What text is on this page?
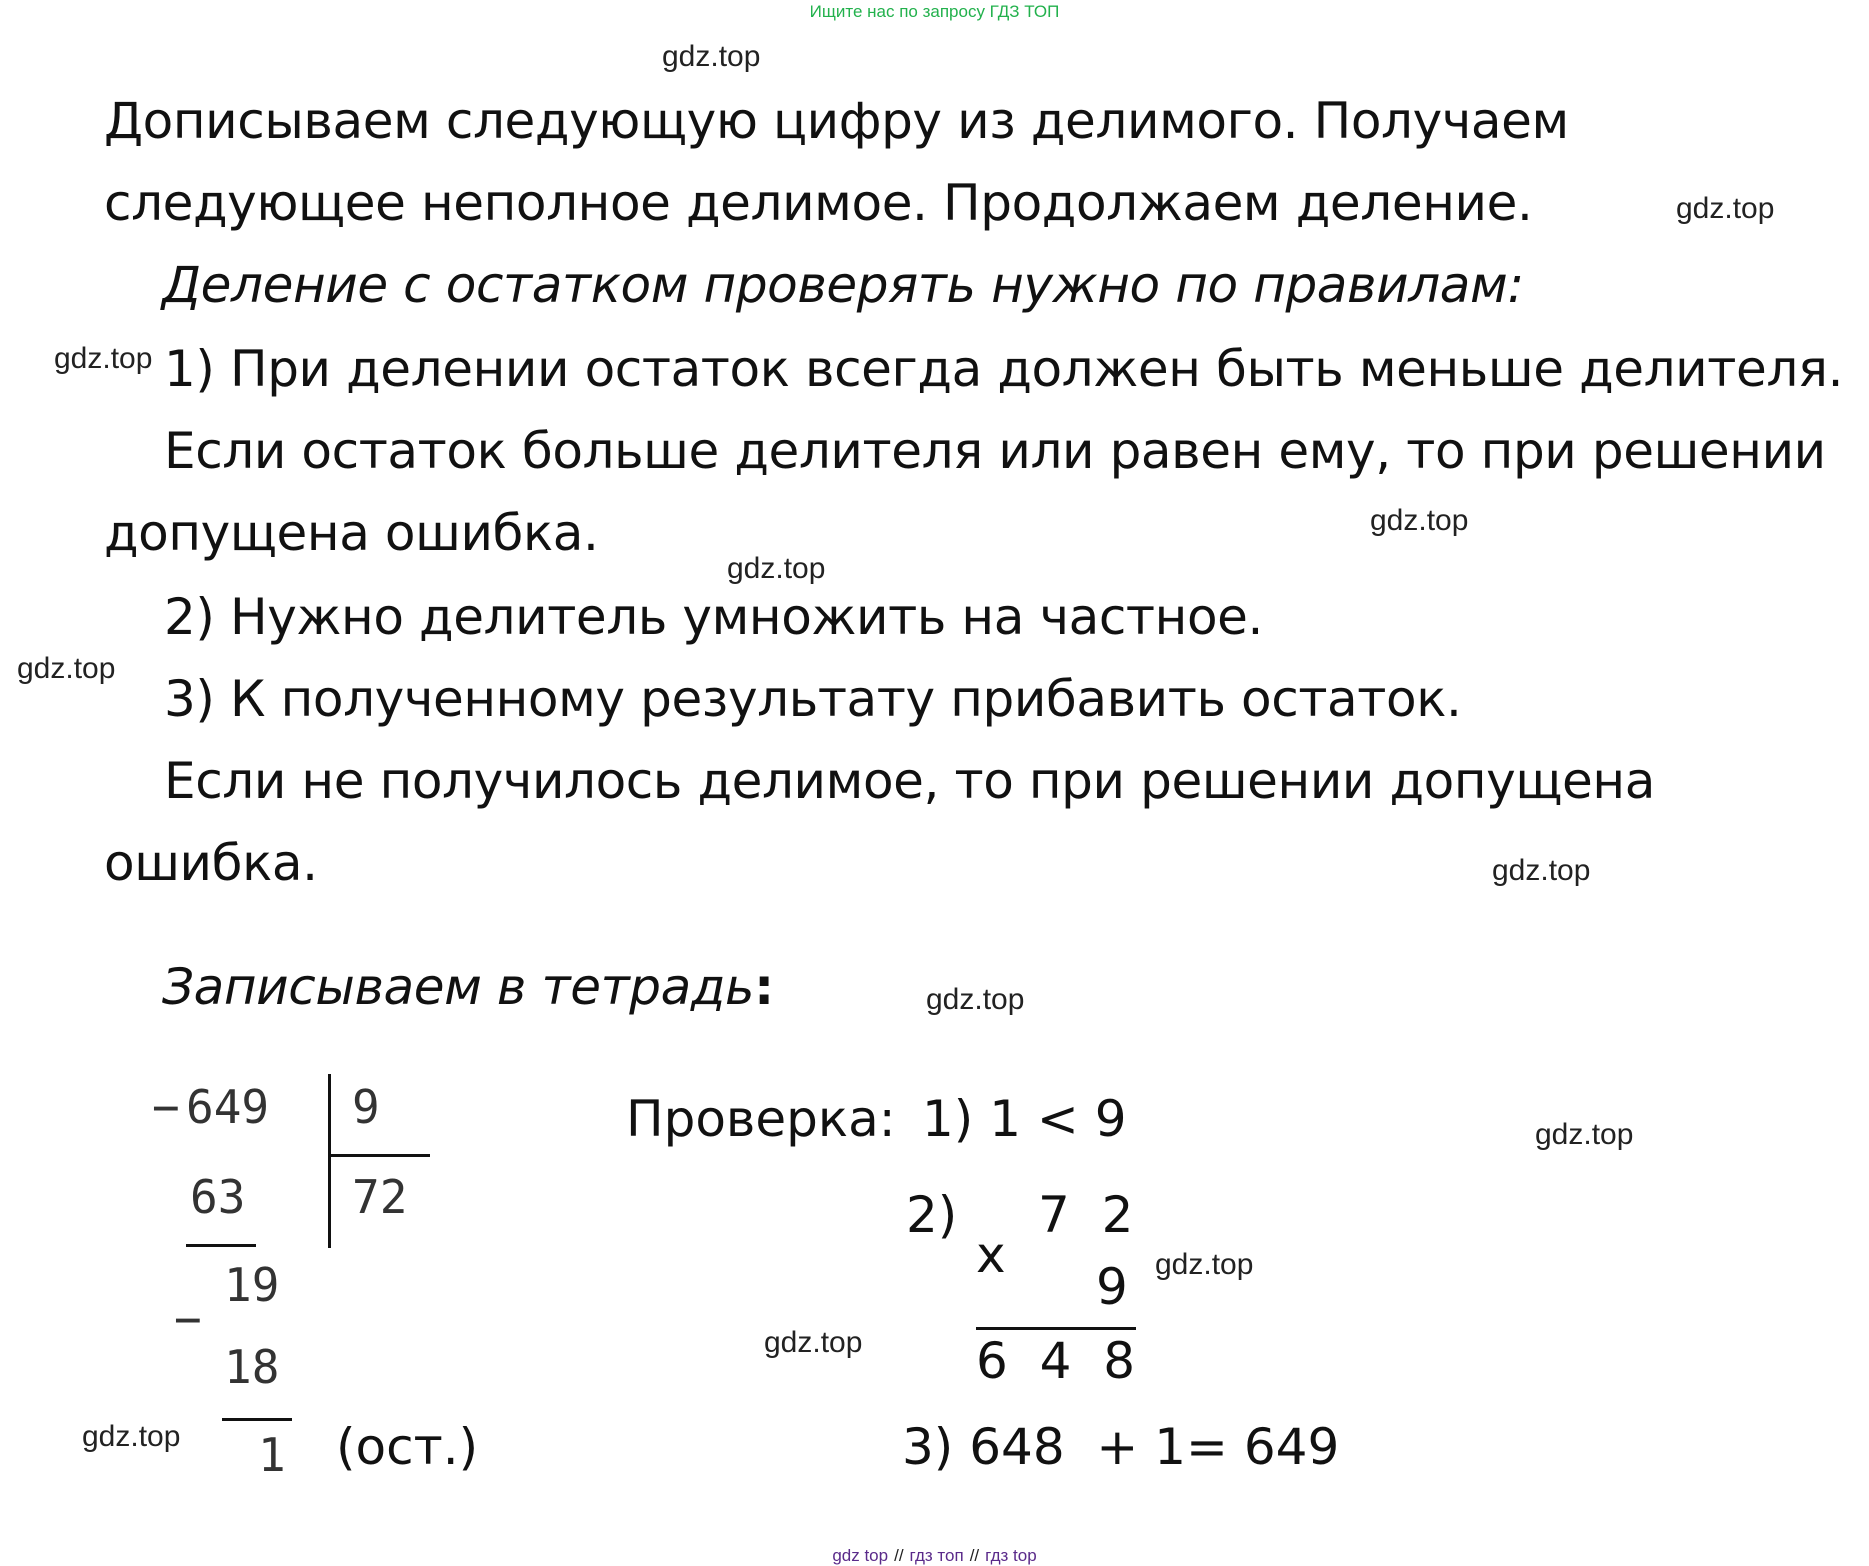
Ищите нас по запросу ГДЗ ТОП
gdz.top
gdz.top
gdz.top
gdz.top
gdz.top
gdz.top
gdz.top
gdz.top
gdz.top
gdz.top
gdz.top
gdz.top
Дописываем следующую цифру из делимого. Получаем
следующее неполное делимое. Продолжаем деление.
Деление с остатком проверять нужно по правилам:
1) При делении остаток всегда должен быть меньше делителя.
Если остаток больше делителя или равен ему, то при решении
допущена ошибка.
2) Нужно делитель умножить на частное.
3) К полученному результату прибавить остаток.
Если не получилось делимое, то при решении допущена
ошибка.
Записываем в тетрадь:
− 649 9
72
63
−
19
18
1 (ост.)
Проверка: 1) 1 < 9
2)
x
7  2
9
6  4  8
3) 648  + 1= 649
gdz top // гдз топ // гдз top
